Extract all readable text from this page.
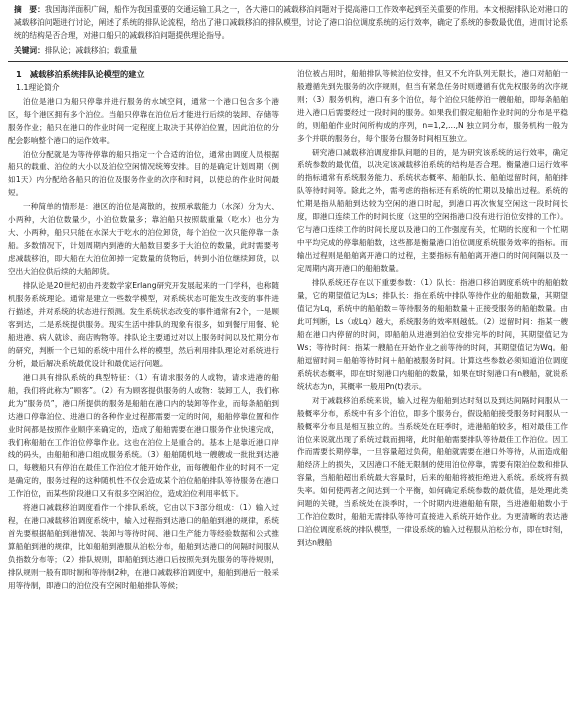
摘　要：我国海洋面积广阔，船作为我国重要的交通运输工具之一，各大港口的减载移泊问题对于提高港口工作效率起到至关重要的作用。本文根据排队论对港口的减载移泊问题进行讨论，阐述了系统的排队论流程，给出了港口减载移泊的排队模型，讨论了港口泊位调度系统的运行效率，确定了系统的参数最优值，进而讨论系统的结构是否合理，对港口船只的减载移泊问题提供理论指导。
关键词：排队论；减载移泊；载重量
1　减载移泊系统排队论模型的建立
1.1理论简介

泊位是港口为船只停靠并进行服务的水域空间，通常一个港口包含多个港区，每个港区拥有多个泊位。当船只停靠在泊位后才能进行后续的装卸、存储等服务作业；船只在港口的作业时间一定程度上取决于其停泊位置，因此泊位的分配会影响整个港口的运作效率。

泊位分配就是为等待停靠的船只指定一个合适的泊位，通常由调度人员根据船只的载重、泊位的大小以及泊位空闲情况统筹安排。目的是确定计划周期（例如1天）内分配给各船只的泊位及服务作业的次序和时间，以使总的作业时间最短。

一种简单的情形是：港区的泊位是离散的，按照承载能力（水深）分为大、小两种，大泊位数量少，小泊位数量多；靠泊船只按照载重量（吃水）也分为大、小两种，船只只能在水深大于吃水的泊位卸货，每个泊位一次只能停靠一条船。多数情况下，计划周期内到港的大船数目要多于大泊位的数量，此时需要考虑减载移泊，即大船在大泊位卸掉一定数量的货物后，转到小泊位继续卸货，以空出大泊位供后续的大船卸货。

排队论是20世纪初由丹麦数学家Erlang研究开发展起来的一门学科，也称随机服务系统理论。通常是建立一些数学模型，对系统状态可能发生改变的事件进行描述，并对系统的状态进行预测。发生系统状态改变的事件通常有2个，一是顾客到达，二是系统提供服务。现实生活中排队的现象有很多，如到餐厅用餐、轮船进港、病人就诊、商店购物等。排队论主要通过对以上服务时间以及忙期分布的研究，判断一个已知的系统中用什么样的模型，然后利用排队理论对系统进行分析，最后解决系统最优设计和最优运行问题。

港口具有排队系统的典型特征：（1）有请求服务的人或物，请求进港的船舶，我们将此称为“顾客”。（2）有为顾客提供服务的人或物：装卸工人，我们称此为“服务员”，港口所提供的服务是船舶在港口内的装卸等作业，而每条船舶到达港口停靠泊位、进港口的各种作业过程都需要一定的时间，船舶停靠位置和作业时间都是按照作业顺序来确定的，造成了船舶需要在港口服务作业快速完成，我们称船舶在工作泊位停靠作业。这也在泊位上是重合的。基本上是靠近港口岸线的码头，由船舶和港口组成服务系统。（3）船舶随机地一艘艘或一批批到达港口，每艘船只有停泊在最佳工作泊位才能开始作业，而每艘船作业的时间不一定是确定的，服务过程的这种随机性不仅会造成某个泊位船舶排队等待服务在港口工作泊位，而某些阶段港口又有很多空闲泊位，造成泊位利用率低下。

将港口减载移泊调度看作一个排队系统，它由以下3部分组成：（1）输入过程，在港口减载移泊调度系统中，输入过程指到达港口的船舶到港的规律，系统首先要根据船舶到港情况、装卸与等待时间、港口生产能力等经验数据和公式推算船舶到港的规律，比如船舶到港服从泊松分布，船舶到达港口的间隔时间服从负指数分布等；（2）排队规则，即船舶到达港口后按照先到先服务的等待规则，排队规则一般有即时制和等待制2种，在港口减载移泊调度中，船舶到港后一般采用等待制，即港口的泊位没有空闲时船舶排队等候；

泊位被占用时，船舶排队等候泊位安排，但又不允许队列无限长，港口对船舶一般遵循先到先服务的次序规则，但当有紧急任务时则遵循有优先权服务的次序规则；（3）服务机构，港口有多个泊位，每个泊位只能停泊一艘船舶，即每条船舶进入港口后需要经过一段时间的服务。如果我们假定船舶作业时间的分布是平稳的，则船舶作业时间所构成的序列，n=1,2,…,N 独立同分布，服务机构一般为多个并联的服务台，每个服务台服务时间相互独立。

研究港口减载移泊调度排队问题的目的，是为研究该系统的运行效率，确定系统参数的最优值，以决定该减载移泊系统的结构是否合理。衡量港口运行效率的指标通常有系统服务能力、系统状态概率、船舶队长、船舶逗留时间，船舶排队等待时间等。除此之外，需考虑的指标还有系统的忙期以及输出过程。系统的忙期是指从船舶到达较为空闲的港口时起，到港口再次恢复空闲这一段时间长度，即港口连续工作的时间长度（这里的空闲指港口没有进行泊位安排的工作）。它与港口连续工作的时间长度以及港口的工作强度有关，忙期的长度和一个忙期中平均完成的停靠船舶数，这些都是衡量港口泊位调度系统服务效率的指标。而输出过程则是船舶离开港口的过程，主要指标有船舶离开港口的时间间隔以及一定周期内离开港口的船舶数量。

排队系统还存在以下重要参数：（1）队长：指港口移泊调度系统中的船舶数量，它的期望值记为Ls；排队长：指在系统中排队等待作业的船舶数量，其期望值记为Lq，系统中的船舶数＝等待服务的船舶数量＋正接受服务的船舶数量。由此可判断，Ls（或Lq）越大，系统服务的效率则越低。（2）逗留时间：指某一艘船在港口内停留的时间，即船舶从进港到泊位安排完毕的时间，其期望值记为Ws；等待时间：指某一艘船在开始作业之前等待的时间，其期望值记为Wq。船舶逗留时间＝船舶等待时间＋船舶被服务时间。计算这些参数必须知道泊位调度系统状态概率，即在t时刻港口内船舶的数量，如果在t时刻港口有n艘船，就说系统状态为n，其概率一般用Pn(t)表示。

对于减载移泊系统来说，输入过程为船舶到达时刻以及到达间隔时间服从一般概率分布，系统中有多个泊位，即多个服务台，假设船舶接受服务时间服从一般概率分布且是相互独立的。当系统处在旺季时，进港船舶较多，相对最佳工作泊位来说就出现了系统过载而拥堵，此时船舶需要排队等待最佳工作泊位。因工作而需要长期停靠，一旦容量超过负荷，船舶就需要在港口外等待，从而造成船舶经济上的损失，又因港口不能无限制的使用泊位停靠，需要有限泊位数和排队容量，当船舶超出系统最大容量时，后来的船舶将被拒绝进入系统。系统将有损失率。如何使两者之间达到一个平衡，如何确定系统参数的最优值，是处理此类问题的关键，当系统处在淡季时，一个时期内进港船舶有限，当进港船舶数小于工作泊位数时，船舶无需排队等待可直接进入系统开始作业。为更清晰的表达港口泊位调度系统的排队模型，一律设系统的输入过程服从泊松分布，即在t时刻，到达n艘船
